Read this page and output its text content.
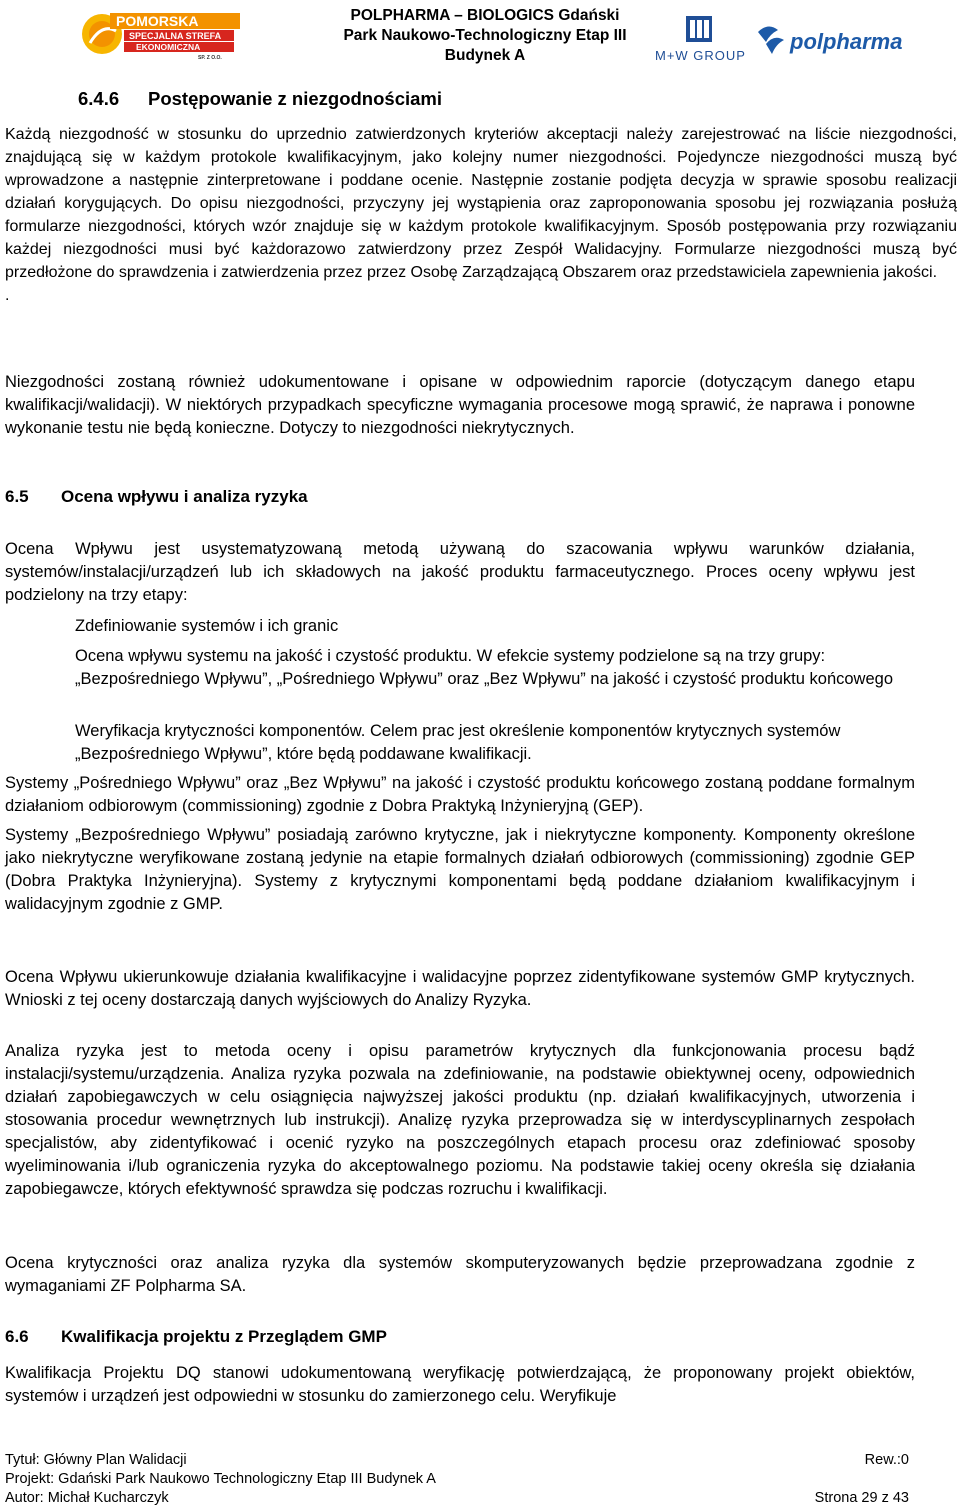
POMORSKA
SPECJALNA STREFA
EKONOMICZNA
SP. Z O.O.
POLPHARMA – BIOLOGICS Gdański
Park Naukowo-Technologiczny Etap III
Budynek A	M+W GROUP
polpharma
6.4.6 Postępowanie z niezgodnościami

Każdą niezgodność w stosunku do uprzednio zatwierdzonych kryteriów akceptacji należy zarejestrować na liście niezgodności, znajdującą się w każdym protokole kwalifikacyjnym, jako kolejny numer niezgodności. Pojedyncze niezgodności muszą być wprowadzone a następnie zinterpretowane i poddane ocenie. Następnie zostanie podjęta decyzja w sprawie sposobu realizacji działań korygujących. Do opisu niezgodności, przyczyny jej wystąpienia oraz zaproponowania sposobu jej rozwiązania posłużą formularze niezgodności, których wzór znajduje się w każdym protokole kwalifikacyjnym. Sposób postępowania przy rozwiązaniu każdej niezgodności musi być każdorazowo zatwierdzony przez Zespół Walidacyjny. Formularze niezgodności muszą być przedłożone do sprawdzenia i zatwierdzenia przez przez Osobę Zarządzającą Obszarem oraz przedstawiciela zapewnienia jakości.

.

Niezgodności zostaną również udokumentowane i opisane w odpowiednim raporcie (dotyczącym danego etapu kwalifikacji/walidacji). W niektórych przypadkach specyficzne wymagania procesowe mogą sprawić, że naprawa i ponowne wykonanie testu nie będą konieczne. Dotyczy to niezgodności niekrytycznych.

6.5 Ocena wpływu i analiza ryzyka

Ocena Wpływu jest usystematyzowaną metodą używaną do szacowania wpływu warunków działania, systemów/instalacji/urządzeń lub ich składowych na jakość produktu farmaceutycznego. Proces oceny wpływu jest podzielony na trzy etapy:

Zdefiniowanie systemów i ich granic

Ocena wpływu systemu na jakość i czystość produktu. W efekcie systemy podzielone są na trzy grupy: „Bezpośredniego Wpływu”, „Pośredniego Wpływu” oraz „Bez Wpływu” na jakość i czystość produktu końcowego

Weryfikacja krytyczności komponentów. Celem prac jest określenie komponentów krytycznych systemów „Bezpośredniego Wpływu”, które będą poddawane kwalifikacji.

Systemy „Pośredniego Wpływu” oraz „Bez Wpływu” na jakość i czystość produktu końcowego zostaną poddane formalnym działaniom odbiorowym (commissioning) zgodnie z Dobra Praktyką Inżynieryjną (GEP).

Systemy „Bezpośredniego Wpływu” posiadają zarówno krytyczne, jak i niekrytyczne komponenty. Komponenty określone jako niekrytyczne weryfikowane zostaną jedynie na etapie formalnych działań odbiorowych (commissioning) zgodnie GEP (Dobra Praktyka Inżynieryjna). Systemy z krytycznymi komponentami będą poddane działaniom kwalifikacyjnym i walidacyjnym zgodnie z GMP.

Ocena Wpływu ukierunkowuje działania kwalifikacyjne i walidacyjne poprzez zidentyfikowane systemów GMP krytycznych. Wnioski z tej oceny dostarczają danych wyjściowych do Analizy Ryzyka.

Analiza ryzyka jest to metoda oceny i opisu parametrów krytycznych dla funkcjonowania procesu bądź instalacji/systemu/urządzenia. Analiza ryzyka pozwala na zdefiniowanie, na podstawie obiektywnej oceny, odpowiednich działań zapobiegawczych w celu osiągnięcia najwyższej jakości produktu (np. działań kwalifikacyjnych, utworzenia i stosowania procedur wewnętrznych lub instrukcji). Analizę ryzyka przeprowadza się w interdyscyplinarnych zespołach specjalistów, aby zidentyfikować i ocenić ryzyko na poszczególnych etapach procesu oraz zdefiniować sposoby wyeliminowania i/lub ograniczenia ryzyka do akceptowalnego poziomu. Na podstawie takiej oceny określa się działania zapobiegawcze, których efektywność sprawdza się podczas rozruchu i kwalifikacji.

Ocena krytyczności oraz analiza ryzyka dla systemów skomputeryzowanych będzie przeprowadzana zgodnie z wymaganiami ZF Polpharma SA.

6.6 Kwalifikacja projektu z Przeglądem GMP

Kwalifikacja Projektu DQ stanowi udokumentowaną weryfikację potwierdzającą, że proponowany projekt obiektów, systemów i urządzeń jest odpowiedni w stosunku do zamierzonego celu. Weryfikuje

Tytuł: Główny Plan Walidacji	Rew.:0
Projekt: Gdański Park Naukowo Technologiczny Etap III Budynek A
Autor: Michał Kucharczyk	Strona 29 z 43
